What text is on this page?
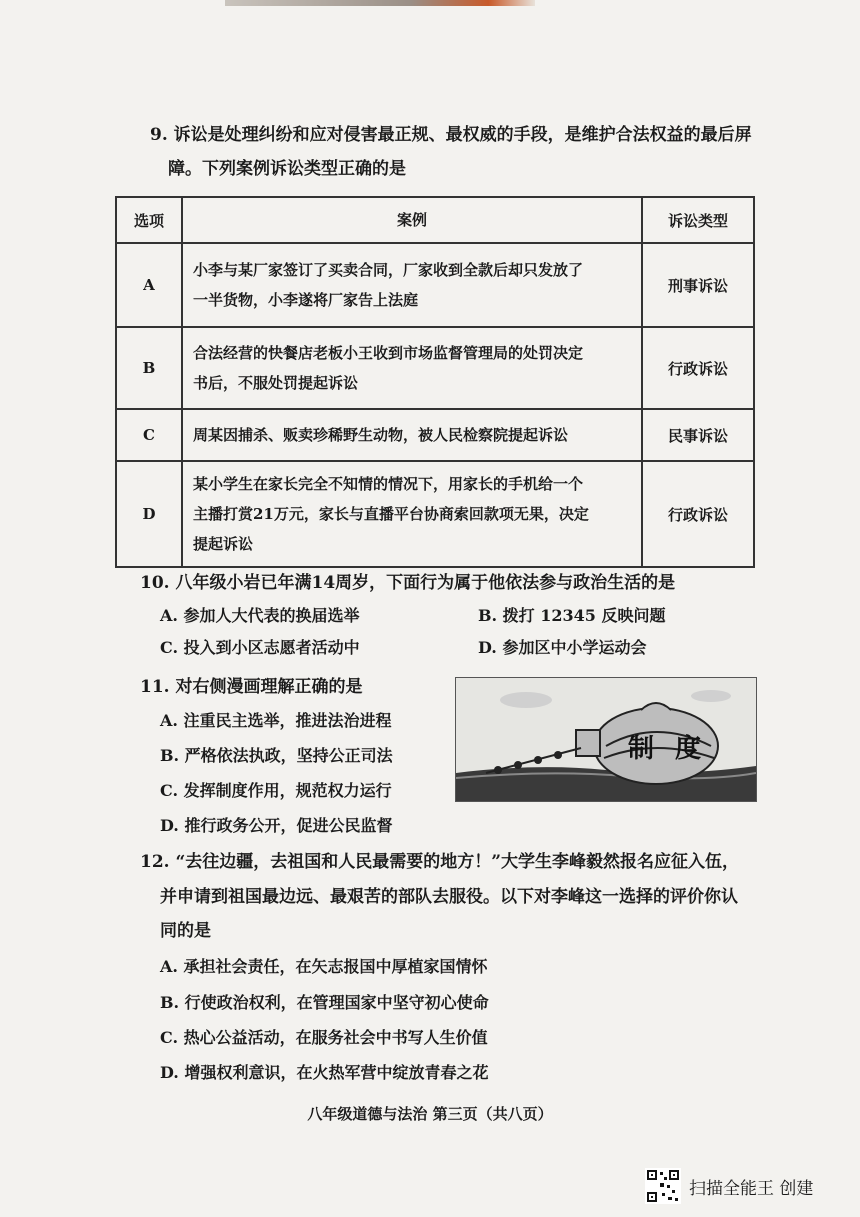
9. 诉讼是处理纠纷和应对侵害最正规、最权威的手段，是维护合法权益的最后屏
障。下列案例诉讼类型正确的是
选项	案例	诉讼类型
A	小李与某厂家签订了买卖合同，厂家收到全款后却只发放了
一半货物，小李遂将厂家告上法庭	刑事诉讼
B	合法经营的快餐店老板小王收到市场监督管理局的处罚决定
书后，不服处罚提起诉讼	行政诉讼
C	周某因捕杀、贩卖珍稀野生动物，被人民检察院提起诉讼	民事诉讼
D	某小学生在家长完全不知情的情况下，用家长的手机给一个
主播打赏21万元，家长与直播平台协商索回款项无果，决定
提起诉讼	行政诉讼
10. 八年级小岩已年满14周岁，下面行为属于他依法参与政治生活的是
A. 参加人大代表的换届选举	B. 拨打 12345 反映问题
C. 投入到小区志愿者活动中	D. 参加区中小学运动会
11. 对右侧漫画理解正确的是
A. 注重民主选举，推进法治进程
B. 严格依法执政，坚持公正司法
C. 发挥制度作用，规范权力运行
D. 推行政务公开，促进公民监督
制 度
12. “去往边疆，去祖国和人民最需要的地方！”大学生李峰毅然报名应征入伍，
并申请到祖国最边远、最艰苦的部队去服役。以下对李峰这一选择的评价你认
同的是
A. 承担社会责任，在矢志报国中厚植家国情怀
B. 行使政治权利，在管理国家中坚守初心使命
C. 热心公益活动，在服务社会中书写人生价值
D. 增强权利意识，在火热军营中绽放青春之花
八年级道德与法治 第三页（共八页）
扫描全能王 创建
